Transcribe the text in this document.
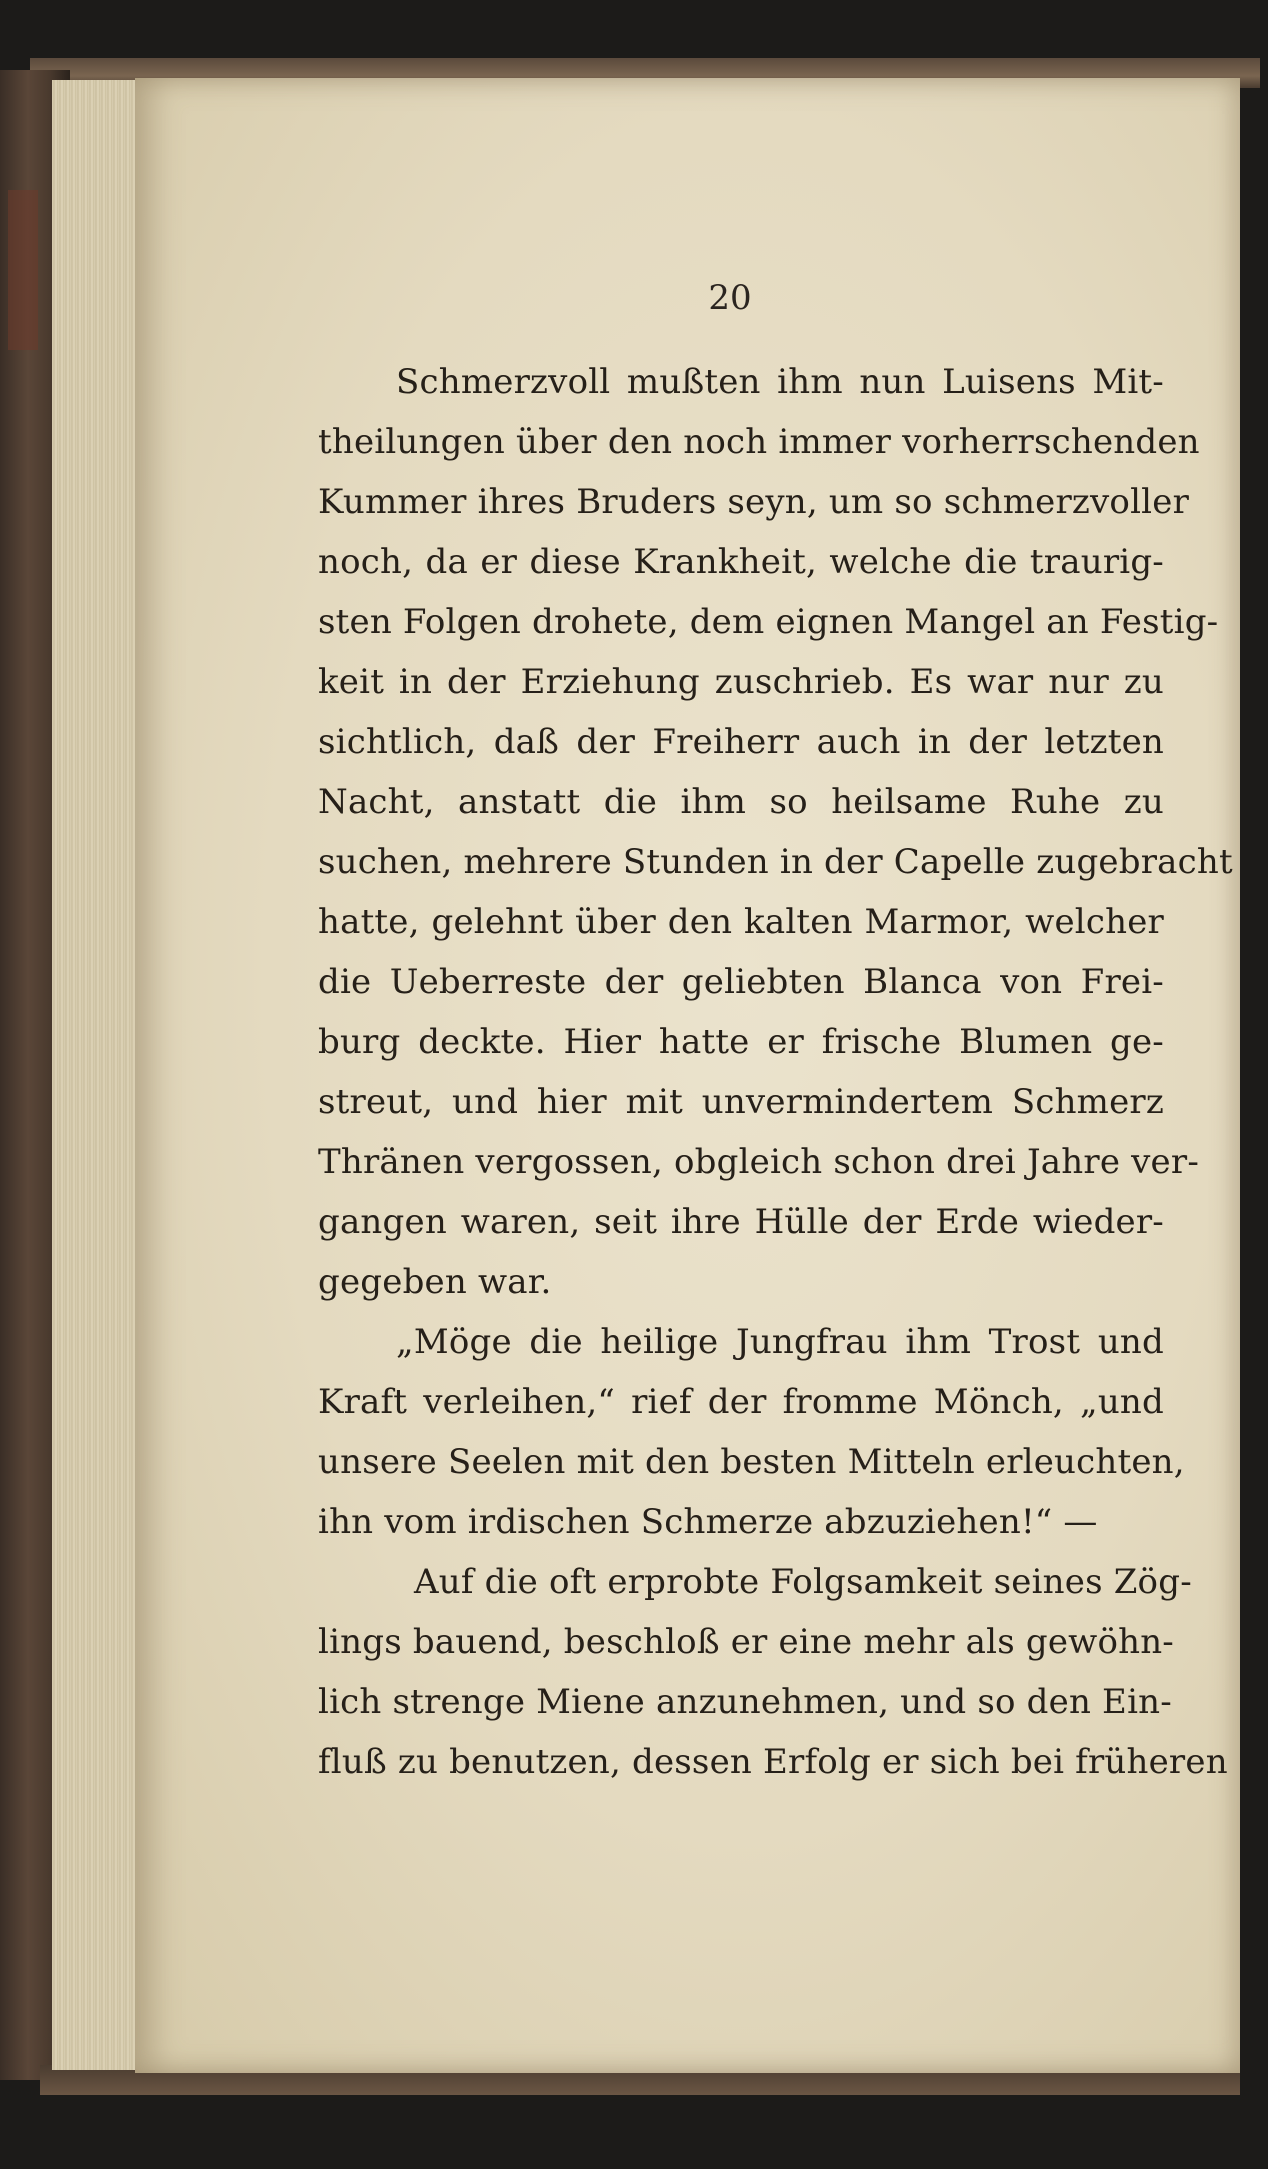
20
Schmerzvoll mußten ihm nun Luisens Mit-
theilungen über den noch immer vorherrschenden
Kummer ihres Bruders seyn, um so schmerzvoller
noch, da er diese Krankheit, welche die traurig-
sten Folgen drohete, dem eignen Mangel an Festig-
keit in der Erziehung zuschrieb. Es war nur zu
sichtlich, daß der Freiherr auch in der letzten
Nacht, anstatt die ihm so heilsame Ruhe zu
suchen, mehrere Stunden in der Capelle zugebracht
hatte, gelehnt über den kalten Marmor, welcher
die Ueberreste der geliebten Blanca von Frei-
burg deckte. Hier hatte er frische Blumen ge-
streut, und hier mit unvermindertem Schmerz
Thränen vergossen, obgleich schon drei Jahre ver-
gangen waren, seit ihre Hülle der Erde wieder-
gegeben war.
„Möge die heilige Jungfrau ihm Trost und
Kraft verleihen,“ rief der fromme Mönch, „und
unsere Seelen mit den besten Mitteln erleuchten,
ihn vom irdischen Schmerze abzuziehen!“ —
Auf die oft erprobte Folgsamkeit seines Zög-
lings bauend, beschloß er eine mehr als gewöhn-
lich strenge Miene anzunehmen, und so den Ein-
fluß zu benutzen, dessen Erfolg er sich bei früheren
